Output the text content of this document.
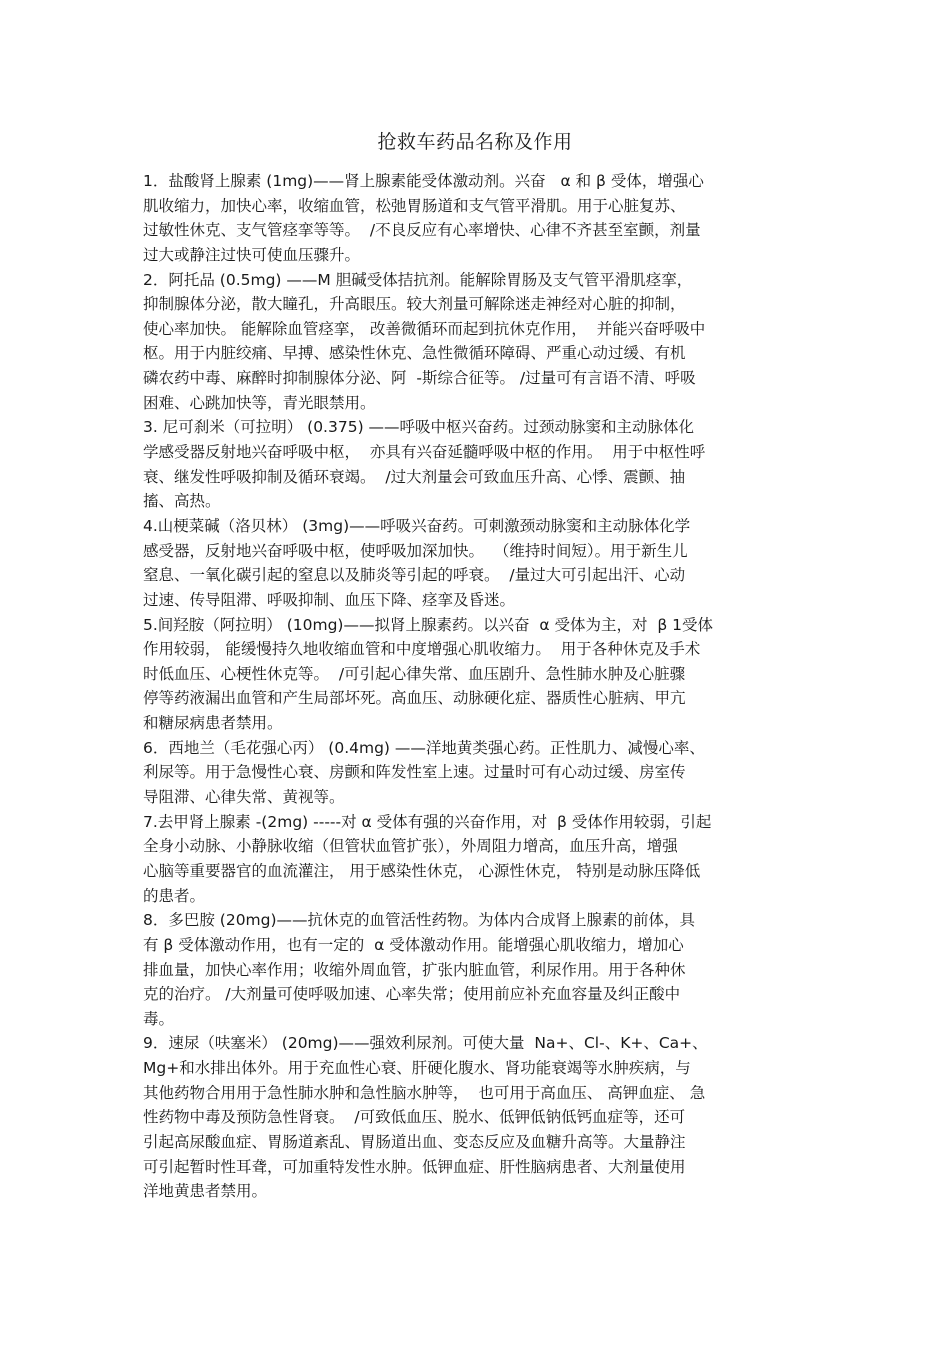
抢救车药品名称及作用
1．盐酸肾上腺素 (1mg)——肾上腺素能受体激动剂。兴奋   α 和 β 受体，增强心
肌收缩力，加快心率，收缩血管，松弛胃肠道和支气管平滑肌。用于心脏复苏、
过敏性休克、支气管痉挛等等。  /不良反应有心率增快、心律不齐甚至室颤，剂量
过大或静注过快可使血压骤升。
2．阿托品 (0.5mg) ——M 胆碱受体拮抗剂。能解除胃肠及支气管平滑肌痉挛，
抑制腺体分泌，散大瞳孔，升高眼压。较大剂量可解除迷走神经对心脏的抑制，
使心率加快。 能解除血管痉挛， 改善微循环而起到抗休克作用，  并能兴奋呼吸中
枢。用于内脏绞痛、早搏、感染性休克、急性微循环障碍、严重心动过缓、有机
磷农药中毒、麻醉时抑制腺体分泌、阿  -斯综合征等。 /过量可有言语不清、呼吸
困难、心跳加快等，青光眼禁用。
3. 尼可刹米（可拉明） (0.375) ——呼吸中枢兴奋药。过颈动脉窦和主动脉体化
学感受器反射地兴奋呼吸中枢，  亦具有兴奋延髓呼吸中枢的作用。  用于中枢性呼
衰、继发性呼吸抑制及循环衰竭。  /过大剂量会可致血压升高、心悸、震颤、抽
搐、高热。
4.山梗菜碱（洛贝林） (3mg)——呼吸兴奋药。可刺激颈动脉窦和主动脉体化学
感受器，反射地兴奋呼吸中枢，使呼吸加深加快。  （维持时间短）。用于新生儿
窒息、一氧化碳引起的窒息以及肺炎等引起的呼衰。  /量过大可引起出汗、心动
过速、传导阻滞、呼吸抑制、血压下降、痉挛及昏迷。
5.间羟胺（阿拉明） (10mg)——拟肾上腺素药。以兴奋  α 受体为主，对  β 1受体
作用较弱， 能缓慢持久地收缩血管和中度增强心肌收缩力。  用于各种休克及手术
时低血压、心梗性休克等。  /可引起心律失常、血压剧升、急性肺水肿及心脏骤
停等药液漏出血管和产生局部坏死。高血压、动脉硬化症、器质性心脏病、甲亢
和糖尿病患者禁用。
6．西地兰（毛花强心丙） (0.4mg) ——洋地黄类强心药。正性肌力、减慢心率、
利尿等。用于急慢性心衰、房颤和阵发性室上速。过量时可有心动过缓、房室传
导阻滞、心律失常、黄视等。
7.去甲肾上腺素 -(2mg) -----对 α 受体有强的兴奋作用，对  β 受体作用较弱，引起
全身小动脉、小静脉收缩（但管状血管扩张），外周阻力增高，血压升高，增强
心脑等重要器官的血流灌注， 用于感染性休克， 心源性休克， 特别是动脉压降低
的患者。
8．多巴胺 (20mg)——抗休克的血管活性药物。为体内合成肾上腺素的前体，具
有 β 受体激动作用，也有一定的  α 受体激动作用。能增强心肌收缩力，增加心
排血量，加快心率作用；收缩外周血管，扩张内脏血管，利尿作用。用于各种休
克的治疗。 /大剂量可使呼吸加速、心率失常；使用前应补充血容量及纠正酸中
毒。
9．速尿（呋塞米） (20mg)——强效利尿剂。可使大量  Na+、Cl-、K+、Ca+、
Mg+和水排出体外。用于充血性心衰、肝硬化腹水、肾功能衰竭等水肿疾病，与
其他药物合用用于急性肺水肿和急性脑水肿等，  也可用于高血压、 高钾血症、 急
性药物中毒及预防急性肾衰。  /可致低血压、脱水、低钾低钠低钙血症等，还可
引起高尿酸血症、胃肠道紊乱、胃肠道出血、变态反应及血糖升高等。大量静注
可引起暂时性耳聋，可加重特发性水肿。低钾血症、肝性脑病患者、大剂量使用
洋地黄患者禁用。
